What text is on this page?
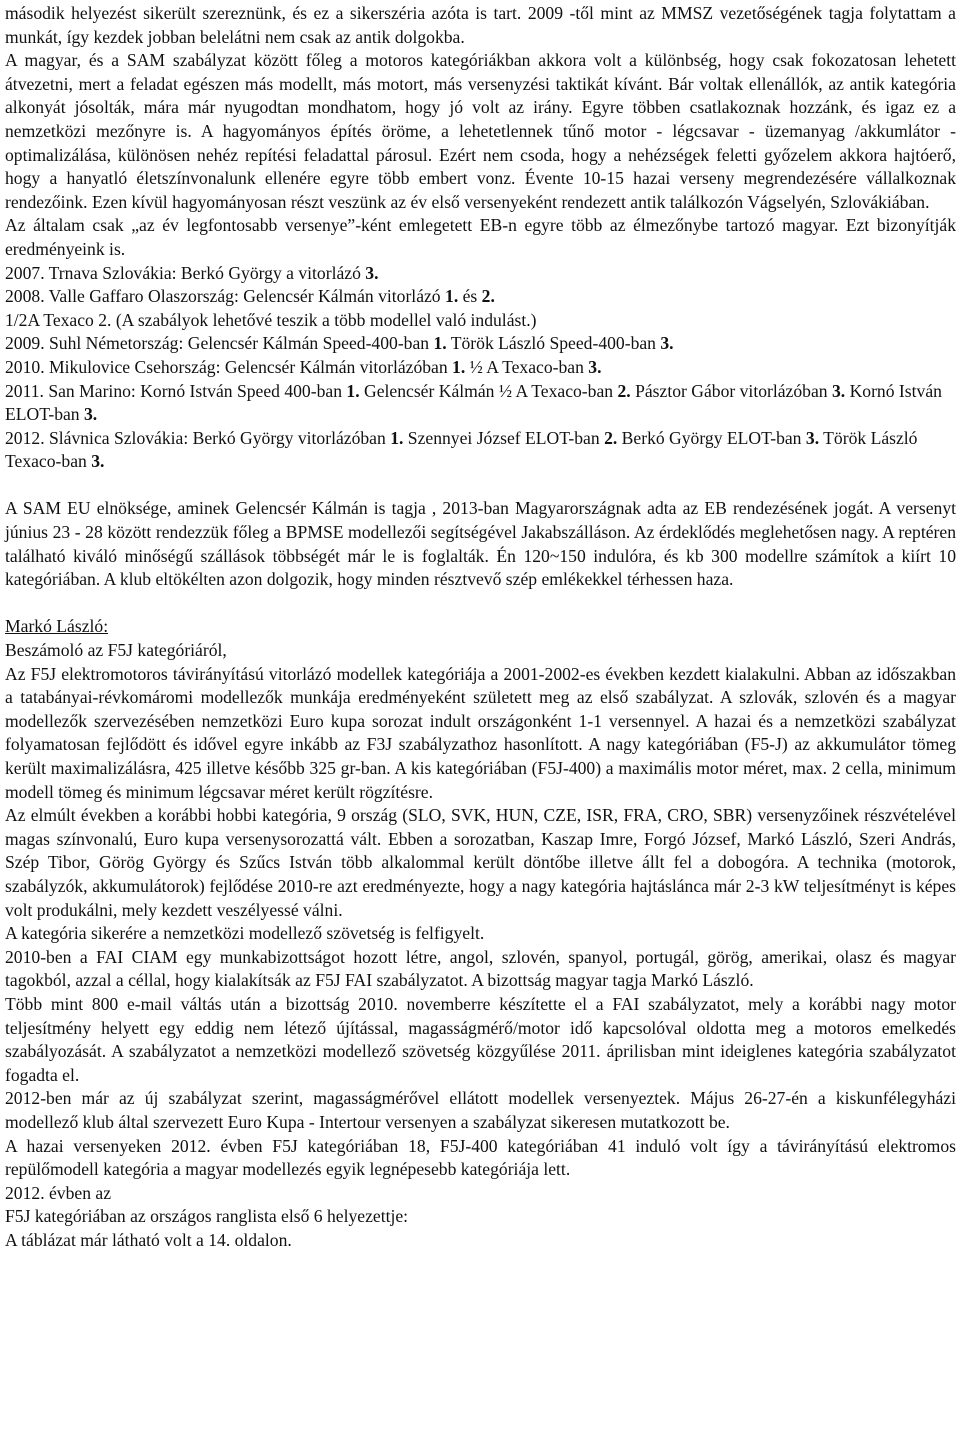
második helyezést sikerült szereznünk, és ez a sikerszéria azóta is tart. 2009 -től mint az MMSZ vezetőségének tagja folytattam a munkát, így kezdek jobban belelátni nem csak az antik dolgokba.

A magyar, és a SAM szabályzat között főleg a motoros kategóriákban akkora volt a különbség, hogy csak fokozatosan lehetett átvezetni, mert a feladat egészen más modellt, más motort, más versenyzési taktikát kívánt. Bár voltak ellenállók, az antik kategória alkonyát jósolták, mára már nyugodtan mondhatom, hogy jó volt az irány. Egyre többen csatlakoznak hozzánk, és igaz ez a nemzetközi mezőnyre is. A hagyományos építés öröme, a lehetetlennek tűnő motor - légcsavar - üzemanyag /akkumlátor - optimalizálása, különösen nehéz repítési feladattal párosul. Ezért nem csoda, hogy a nehézségek feletti győzelem akkora hajtóerő, hogy a hanyatló életszínvonalunk ellenére egyre több embert vonz. Évente 10-15 hazai verseny megrendezésére vállalkoznak rendezőink. Ezen kívül hagyományosan részt veszünk az év első versenyeként rendezett antik találkozón Vágselyén, Szlovákiában.

Az általam csak „az év legfontosabb versenye”-ként emlegetett EB-n egyre több az élmezőnybe tartozó magyar. Ezt bizonyítják eredményeink is.

2007. Trnava Szlovákia: Berkó György a vitorlázó 3.

2008. Valle Gaffaro Olaszország: Gelencsér Kálmán vitorlázó 1. és 2.

1/2A Texaco 2. (A szabályok lehetővé teszik a több modellel való indulást.)

2009. Suhl Németország: Gelencsér Kálmán Speed-400-ban 1. Török László Speed-400-ban 3.

2010. Mikulovice Csehország: Gelencsér Kálmán vitorlázóban 1. ½ A Texaco-ban 3.

2011. San Marino: Kornó István Speed 400-ban 1. Gelencsér Kálmán ½ A Texaco-ban 2. Pásztor Gábor vitorlázóban 3. Kornó István ELOT-ban 3.

2012. Slávnica Szlovákia: Berkó György vitorlázóban 1. Szennyei József ELOT-ban 2. Berkó György ELOT-ban 3. Török László Texaco-ban 3.

A SAM EU elnöksége, aminek Gelencsér Kálmán is tagja , 2013-ban Magyarországnak adta az EB rendezésének jogát. A versenyt június 23 - 28 között rendezzük főleg a BPMSE modellezői segítségével Jakabszálláson. Az érdeklődés meglehetősen nagy. A reptéren található kiváló minőségű szállások többségét már le is foglalták. Én 120~150 indulóra, és kb 300 modellre számítok a kiírt 10 kategóriában. A klub eltökélten azon dolgozik, hogy minden résztvevő szép emlékekkel térhessen haza.

Markó László:

Beszámoló az F5J kategóriáról,

Az F5J elektromotoros távirányítású vitorlázó modellek kategóriája a 2001-2002-es években kezdett kialakulni. Abban az időszakban a tatabányai-révkomáromi modellezők munkája eredményeként született meg az első szabályzat. A szlovák, szlovén és a magyar modellezők szervezésében nemzetközi Euro kupa sorozat indult országonként 1-1 versennyel. A hazai és a nemzetközi szabályzat folyamatosan fejlődött és idővel egyre inkább az F3J szabályzathoz hasonlított. A nagy kategóriában (F5-J) az akkumulátor tömeg került maximalizálásra, 425 illetve később 325 gr-ban. A kis kategóriában (F5J-400) a maximális motor méret, max. 2 cella, minimum modell tömeg és minimum légcsavar méret került rögzítésre.

Az elmúlt években a korábbi hobbi kategória, 9 ország (SLO, SVK, HUN, CZE, ISR, FRA, CRO, SBR) versenyzőinek részvételével magas színvonalú, Euro kupa versenysorozattá vált. Ebben a sorozatban, Kaszap Imre, Forgó József, Markó László, Szeri András, Szép Tibor, Görög György és Szűcs István több alkalommal került döntőbe illetve állt fel a dobogóra. A technika (motorok, szabályzók, akkumulátorok) fejlődése 2010-re azt eredményezte, hogy a nagy kategória hajtáslánca már 2-3 kW teljesítményt is képes volt produkálni, mely kezdett veszélyessé válni.

A kategória sikerére a nemzetközi modellező szövetség is felfigyelt.

2010-ben a FAI CIAM egy munkabizottságot hozott létre, angol, szlovén, spanyol, portugál, görög, amerikai, olasz és magyar tagokból, azzal a céllal, hogy kialakítsák az F5J FAI szabályzatot. A bizottság magyar tagja Markó László.

Több mint 800 e-mail váltás után a bizottság 2010. novemberre készítette el a FAI szabályzatot, mely a korábbi nagy motor teljesítmény helyett egy eddig nem létező újítással, magasságmérő/motor idő kapcsolóval oldotta meg a motoros emelkedés szabályozását. A szabályzatot a nemzetközi modellező szövetség közgyűlése 2011. áprilisban mint ideiglenes kategória szabályzatot fogadta el.

2012-ben már az új szabályzat szerint, magasságmérővel ellátott modellek versenyeztek. Május 26-27-én a kiskunfélegyházi modellező klub által szervezett Euro Kupa - Intertour versenyen a szabályzat sikeresen mutatkozott be.

A hazai versenyeken 2012. évben F5J kategóriában 18, F5J-400 kategóriában 41 induló volt így a távirányítású elektromos repülőmodell kategória a magyar modellezés egyik legnépesebb kategóriája lett.

2012. évben az

F5J kategóriában az országos ranglista első 6 helyezettje:

A táblázat már látható volt a 14. oldalon.
